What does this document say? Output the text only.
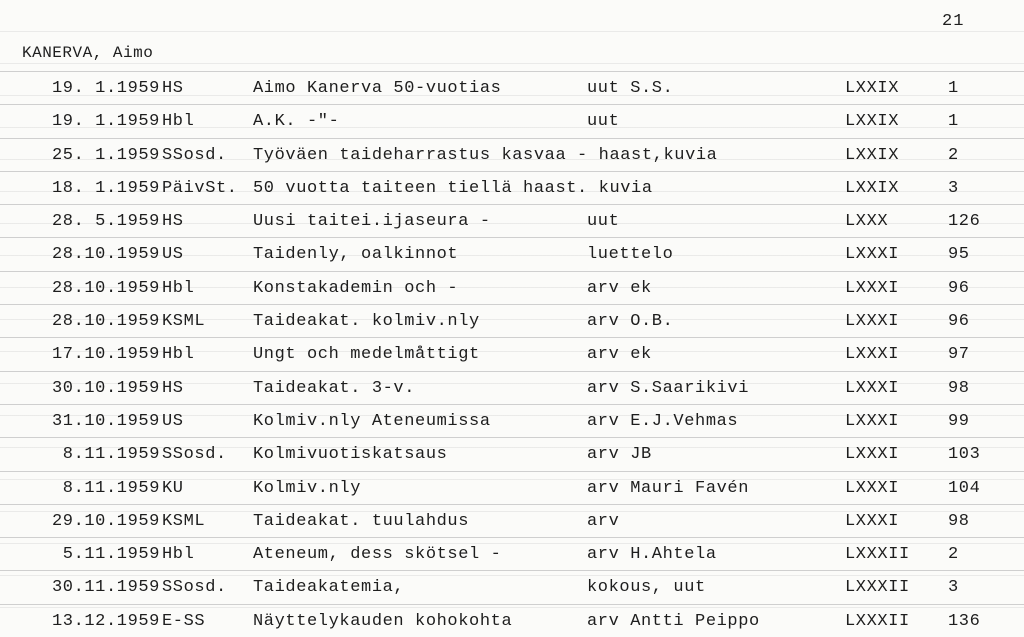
21
KANERVA, Aimo
19. 1.1959 HS	Aimo Kanerva 50-vuotias	uut S.S.	LXXIX	1
19. 1.1959 Hbl	A.K. -"-	uut	LXXIX	1
25. 1.1959 SSosd. Työväen taideharrastus kasvaa - haast,kuvia	LXXIX	2
18. 1.1959 PäivSt. 50 vuotta taiteen tiellä haast. kuvia	LXXIX	3
28. 5.1959 HS	Uusi taitei.ijaseura -	uut	LXXX	126
28.10.1959 US	Taidenly, oalkinnot	luettelo	LXXXI	95
28.10.1959 Hbl	Konstakademin och -	arv ek	LXXXI	96
28.10.1959 KSML	Taideakat. kolmiv.nly	arv O.B.	LXXXI	96
17.10.1959 Hbl	Ungt och medelmåttigt	arv ek	LXXXI	97
30.10.1959 HS	Taideakat. 3-v.	arv S.Saarikivi	LXXXI	98
31.10.1959 US	Kolmiv.nly Ateneumissa	arv E.J.Vehmas	LXXXI	99
8.11.1959 SSosd. Kolmivuotiskatsaus	arv JB	LXXXI	103
8.11.1959 KU	Kolmiv.nly	arv Mauri Favén	LXXXI	104
29.10.1959 KSML	Taideakat. tuulahdus	arv	LXXXI	98
5.11.1959 Hbl	Ateneum, dess skötsel -	arv H.Ahtela	LXXXII 2
30.11.1959 SSosd. Taideakatemia,	kokous, uut	LXXXII 3
13.12.1959 E-SS	Näyttelykauden kohokohta	arv Antti Peippo	LXXXII 136
